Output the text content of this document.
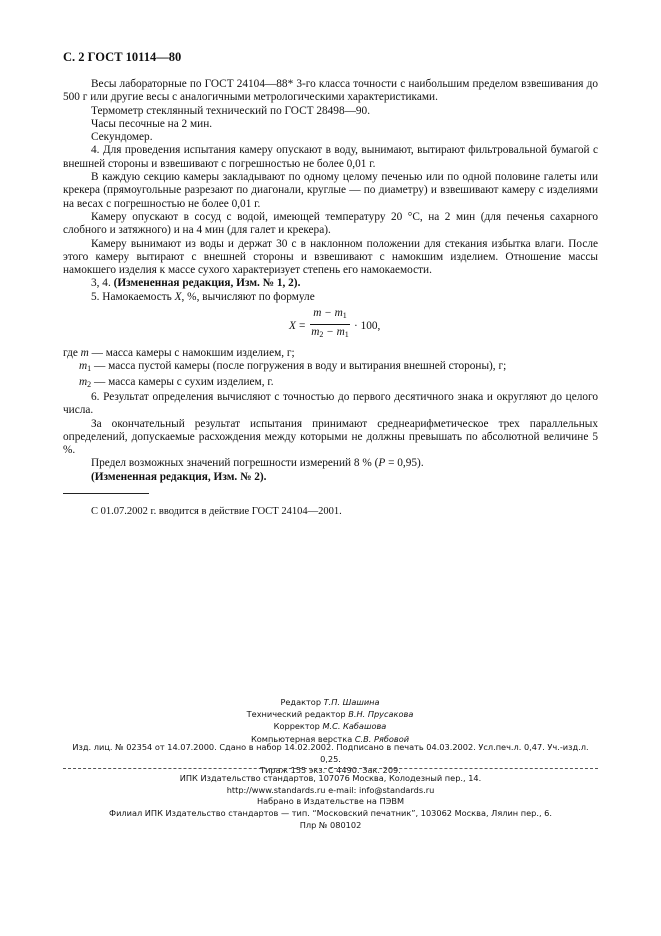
С. 2 ГОСТ 10114—80

Весы лабораторные по ГОСТ 24104—88* 3-го класса точности с наибольшим пределом взвешивания до 500 г или другие весы с аналогичными метрологическими характеристиками.

Термометр стеклянный технический по ГОСТ 28498—90.

Часы песочные на 2 мин.

Секундомер.

4. Для проведения испытания камеру опускают в воду, вынимают, вытирают фильтровальной бумагой с внешней стороны и взвешивают с погрешностью не более 0,01 г.

В каждую секцию камеры закладывают по одному целому печенью или по одной половине галеты или крекера (прямоугольные разрезают по диагонали, круглые — по диаметру) и взвешивают камеру с изделиями на весах с погрешностью не более 0,01 г.

Камеру опускают в сосуд с водой, имеющей температуру 20 °С, на 2 мин (для печенья сахарного слобного и затяжного) и на 4 мин (для галет и крекера).

Камеру вынимают из воды и держат 30 с в наклонном положении для стекания избытка влаги. После этого камеру вытирают с внешней стороны и взвешивают с намокшим изделием. Отношение массы намокшего изделия к массе сухого характеризует степень его намокаемости.

3, 4. (Измененная редакция, Изм. № 1, 2).

5. Намокаемость X, %, вычисляют по формуле

X =
$m - m_1$
$m_2 - m_1$
· 100,

где m — масса камеры с намокшим изделием, г;

$m_1$ — масса пустой камеры (после погружения в воду и вытирания внешней стороны), г;

$m_2$ — масса камеры с сухим изделием, г.

6. Результат определения вычисляют с точностью до первого десятичного знака и округляют до целого числа.

За окончательный результат испытания принимают среднеарифметическое трех параллельных определений, допускаемые расхождения между которыми не должны превышать по абсолютной величине 5 %.

Предел возможных значений погрешности измерений 8 % (P = 0,95).

(Измененная редакция, Изм. № 2).

С 01.07.2002 г. вводится в действие ГОСТ 24104—2001.
Редактор Т.П. Шашина
Технический редактор В.Н. Прусакова
Корректор М.С. Кабашова
Компьютерная верстка С.В. Рябовой
Изд. лиц. № 02354 от 14.07.2000. Сдано в набор 14.02.2002. Подписано в печать 04.03.2002. Усл.печ.л. 0,47. Уч.-изд.л. 0,25.
Тираж 155 экз. С 4490. Зак. 209.
ИПК Издательство стандартов, 107076 Москва, Колодезный пер., 14.
http://www.standards.ru e-mail: info@standards.ru
Набрано в Издательстве на ПЭВМ
Филиал ИПК Издательство стандартов — тип. “Московский печатник”, 103062 Москва, Лялин пер., 6.
Плр № 080102
